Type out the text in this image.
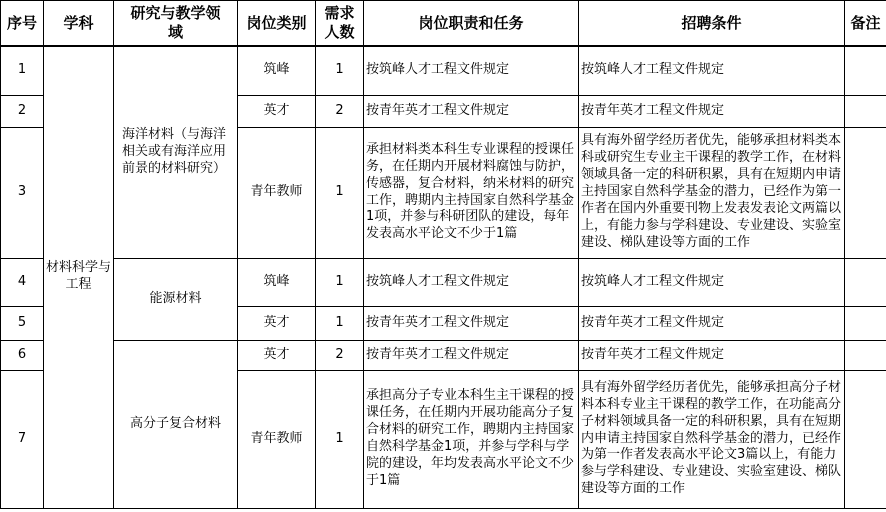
序号	学科	研究与教学领域	岗位类别	需求人数	岗位职责和任务	招聘条件	备注
1	材料科学与工程	海洋材料（与海洋相关或有海洋应用前景的材料研究）	筑峰	1	按筑峰人才工程文件规定	按筑峰人才工程文件规定	
2			英才	2	按青年英才工程文件规定	按青年英才工程文件规定	
3			青年教师	1	承担材料类本科生专业课程的授课任务，在任期内开展材料腐蚀与防护，传感器，复合材料，纳米材料的研究工作，聘期内主持国家自然科学基金1项，并参与科研团队的建设，每年发表高水平论文不少于1篇	具有海外留学经历者优先，能够承担材料类本科或研究生专业主干课程的教学工作，在材料领域具备一定的科研积累，具有在短期内申请主持国家自然科学基金的潜力，已经作为第一作者在国内外重要刊物上发表发表论文两篇以上，有能力参与学科建设、专业建设、实验室建设、梯队建设等方面的工作	
4		能源材料	筑峰	1	按筑峰人才工程文件规定	按筑峰人才工程文件规定	
5			英才	1	按青年英才工程文件规定	按青年英才工程文件规定	
6		高分子复合材料	英才	2	按青年英才工程文件规定	按青年英才工程文件规定	
7			青年教师	1	承担高分子专业本科生主干课程的授课任务，在任期内开展功能高分子复合材料的研究工作，聘期内主持国家自然科学基金1项，并参与学科与学院的建设，年均发表高水平论文不少于1篇	具有海外留学经历者优先，能够承担高分子材料本科专业主干课程的教学工作，在功能高分子材料领域具备一定的科研积累，具有在短期内申请主持国家自然科学基金的潜力，已经作为第一作者发表高水平论文3篇以上，有能力参与学科建设、专业建设、实验室建设、梯队建设等方面的工作	
